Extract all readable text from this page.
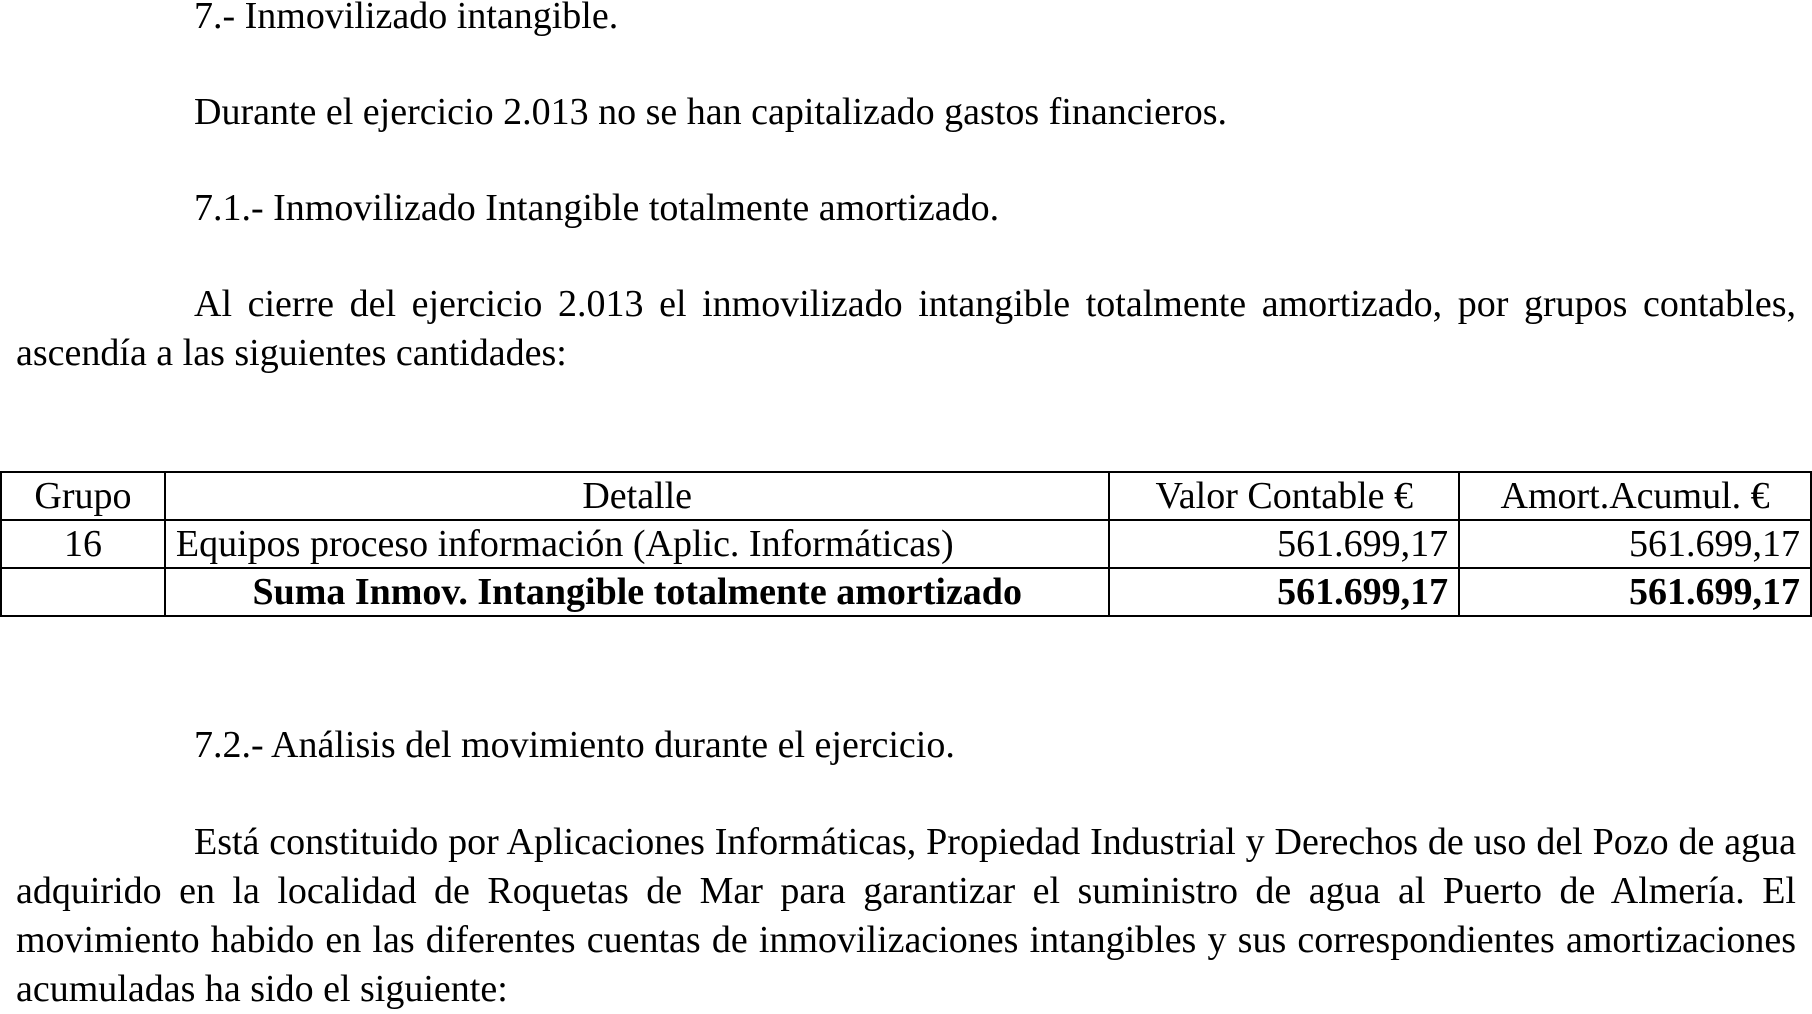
7.- Inmovilizado intangible.
Durante el ejercicio 2.013 no se han capitalizado gastos financieros.
7.1.- Inmovilizado Intangible totalmente amortizado.

Al cierre del ejercicio 2.013 el inmovilizado intangible totalmente amortizado, por grupos contables, ascendía a las siguientes cantidades:

Grupo	Detalle	Valor Contable €	Amort.Acumul. €
16	Equipos proceso información (Aplic. Informáticas)	561.699,17	561.699,17
	Suma Inmov. Intangible totalmente amortizado	561.699,17	561.699,17
7.2.- Análisis del movimiento durante el ejercicio.

Está constituido por Aplicaciones Informáticas, Propiedad Industrial y Derechos de uso del Pozo de agua adquirido en la localidad de Roquetas de Mar para garantizar el suministro de agua al Puerto de Almería. El movimiento habido en las diferentes cuentas de inmovilizaciones intangibles y sus correspondientes amortizaciones acumuladas ha sido el siguiente:
